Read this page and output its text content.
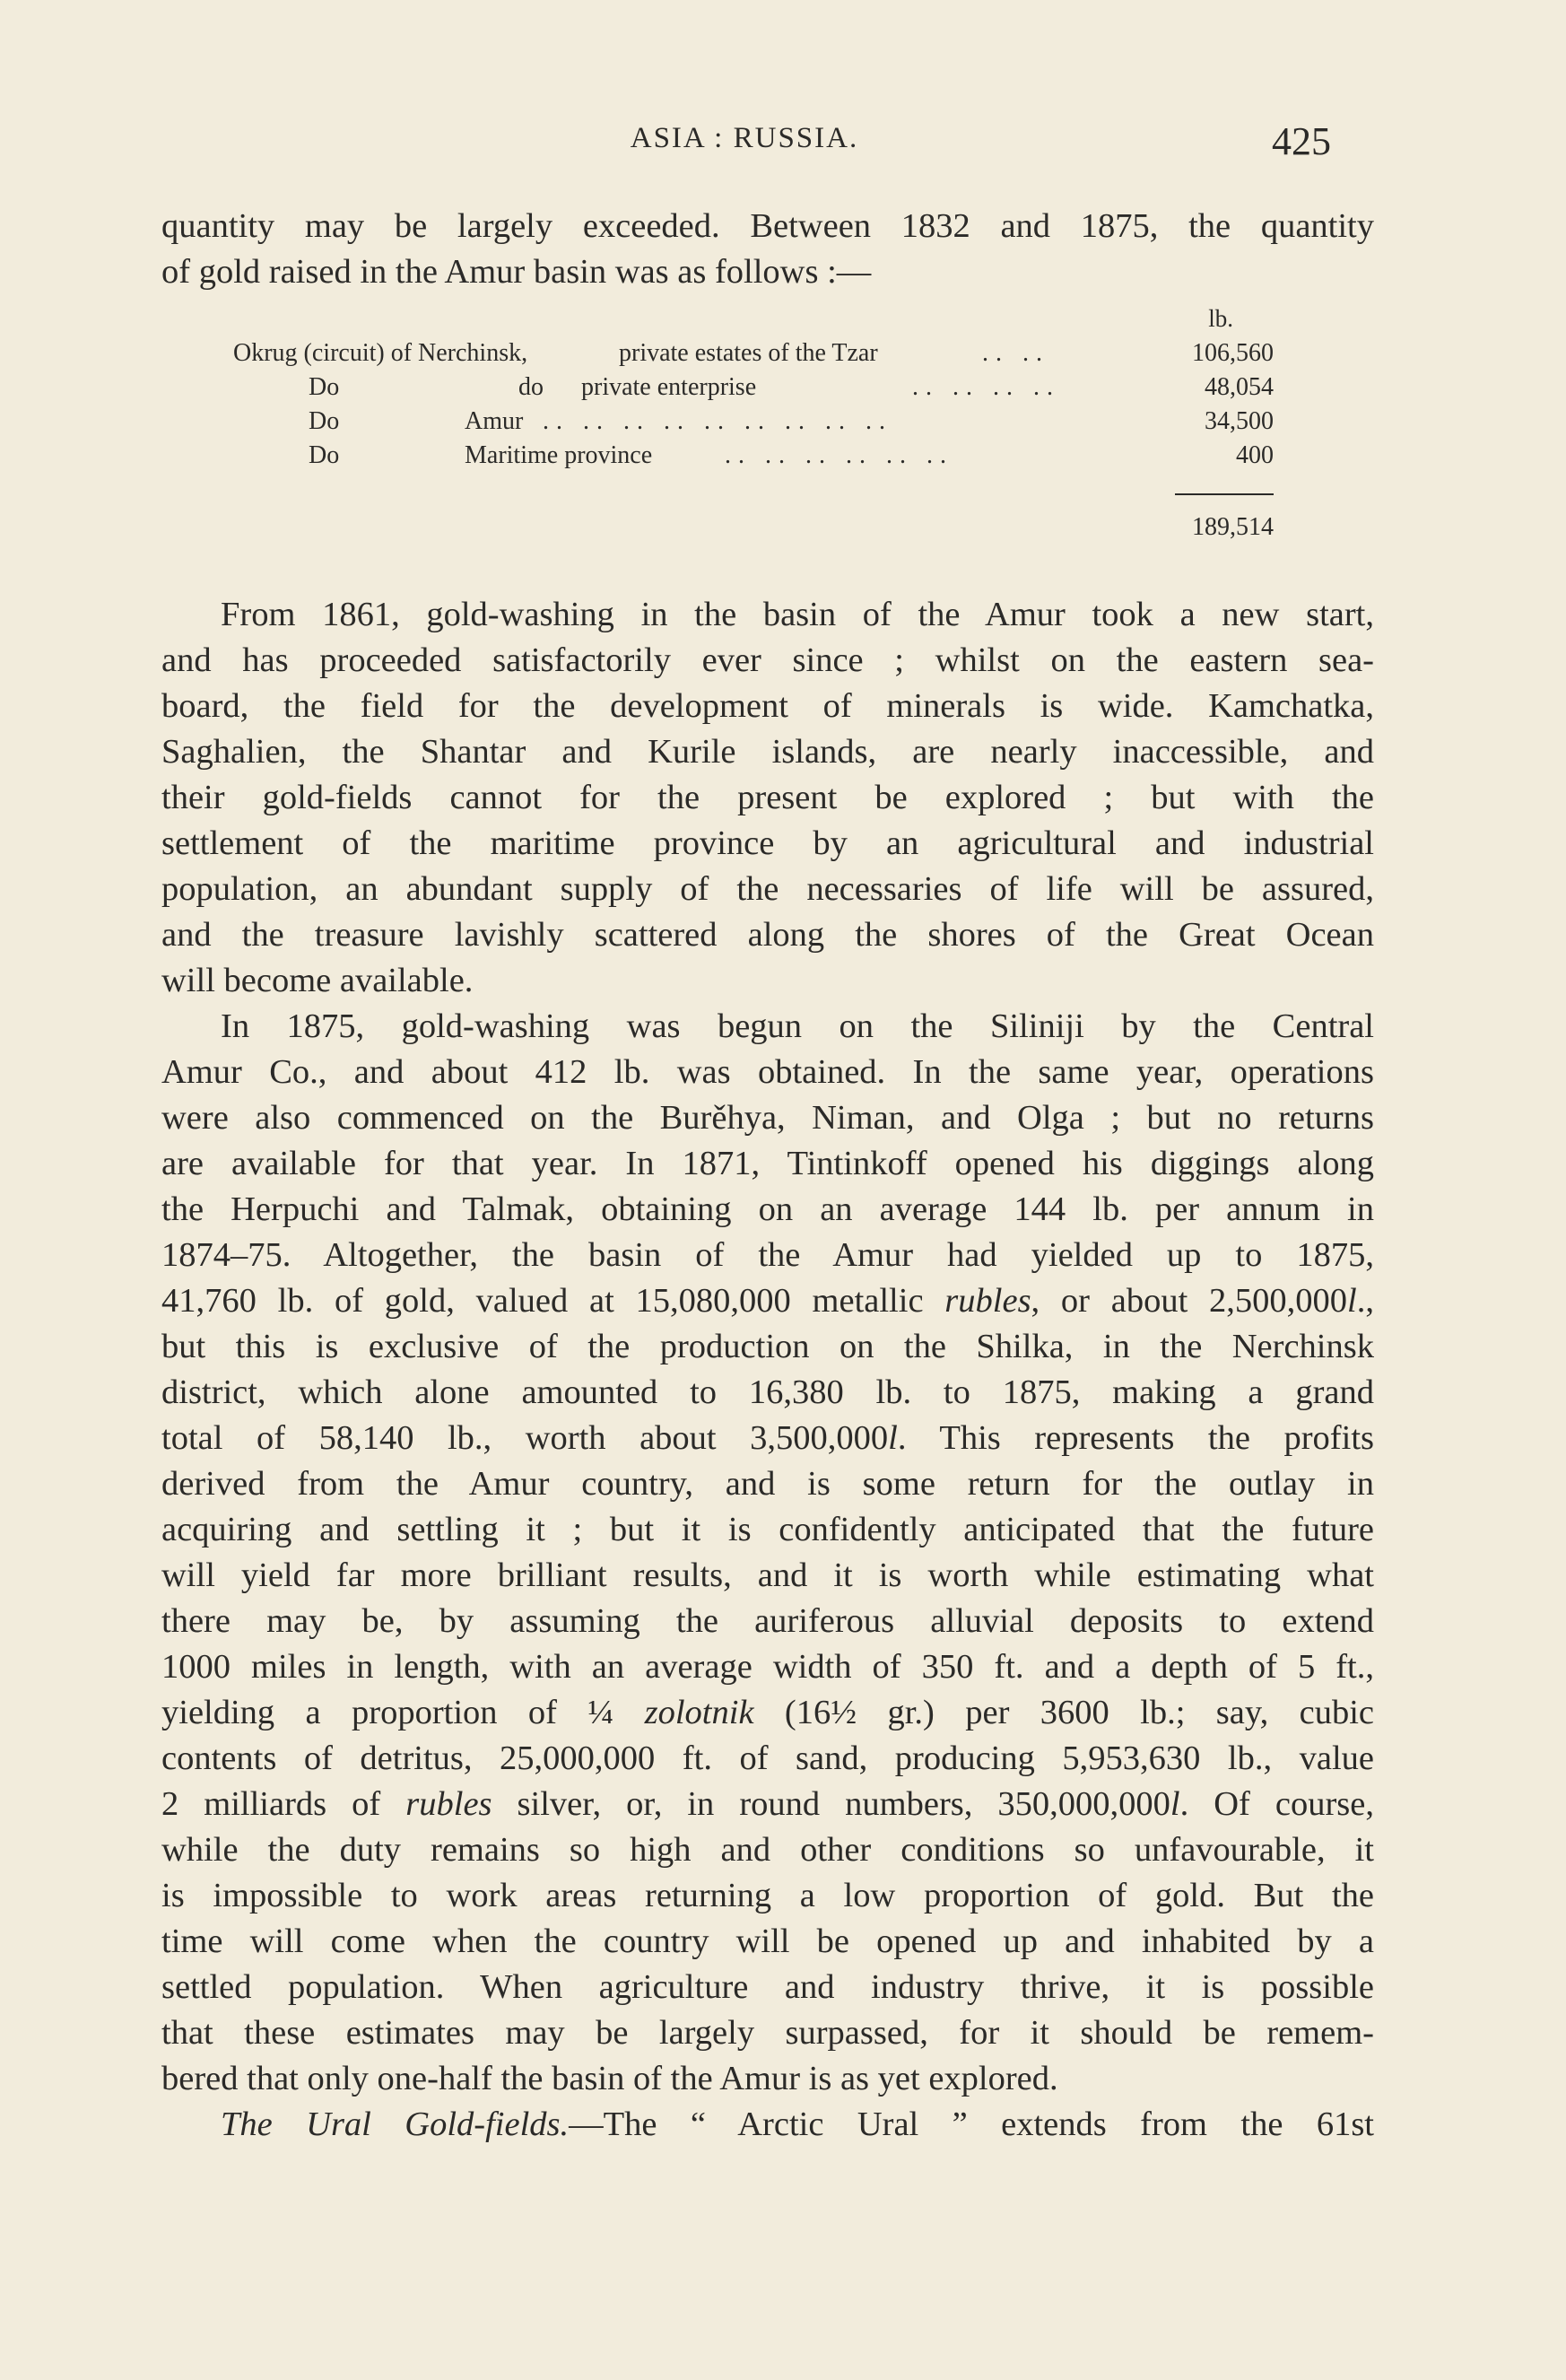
ASIA : RUSSIA.	425

quantity may be largely exceeded. Between 1832 and 1875, the quantity
of gold raised in the Amur basin was as follows :—

lb.
Okrug (circuit) of Nerchinsk,	private estates of the Tzar	.. ..	106,560
Do	do      private enterprise	.. .. .. ..	48,054
Do	Amur .. .. .. .. .. .. .. .. ..	34,500
Do	Maritime province	.. .. .. .. .. ..	400
189,514

From 1861, gold-washing in the basin of the Amur took a new start,
and has proceeded satisfactorily ever since ; whilst on the eastern sea-
board, the field for the development of minerals is wide. Kamchatka,
Saghalien, the Shantar and Kurile islands, are nearly inaccessible, and
their gold-fields cannot for the present be explored ; but with the
settlement of the maritime province by an agricultural and industrial
population, an abundant supply of the necessaries of life will be assured,
and the treasure lavishly scattered along the shores of the Great Ocean
will become available.

In 1875, gold-washing was begun on the Siliniji by the Central
Amur Co., and about 412 lb. was obtained. In the same year, operations
were also commenced on the Burěhya, Niman, and Olga ; but no returns
are available for that year. In 1871, Tintinkoff opened his diggings along
the Herpuchi and Talmak, obtaining on an average 144 lb. per annum in
1874–75. Altogether, the basin of the Amur had yielded up to 1875,
41,760 lb. of gold, valued at 15,080,000 metallic rubles, or about 2,500,000l.,
but this is exclusive of the production on the Shilka, in the Nerchinsk
district, which alone amounted to 16,380 lb. to 1875, making a grand
total of 58,140 lb., worth about 3,500,000l. This represents the profits
derived from the Amur country, and is some return for the outlay in
acquiring and settling it ; but it is confidently anticipated that the future
will yield far more brilliant results, and it is worth while estimating what
there may be, by assuming the auriferous alluvial deposits to extend
1000 miles in length, with an average width of 350 ft. and a depth of 5 ft.,
yielding a proportion of ¼ zolotnik (16½ gr.) per 3600 lb.; say, cubic
contents of detritus, 25,000,000 ft. of sand, producing 5,953,630 lb., value
2 milliards of rubles silver, or, in round numbers, 350,000,000l. Of course,
while the duty remains so high and other conditions so unfavourable, it
is impossible to work areas returning a low proportion of gold. But the
time will come when the country will be opened up and inhabited by a
settled population. When agriculture and industry thrive, it is possible
that these estimates may be largely surpassed, for it should be remem-
bered that only one-half the basin of the Amur is as yet explored.

The Ural Gold-fields.—The “ Arctic Ural ” extends from the 61st
